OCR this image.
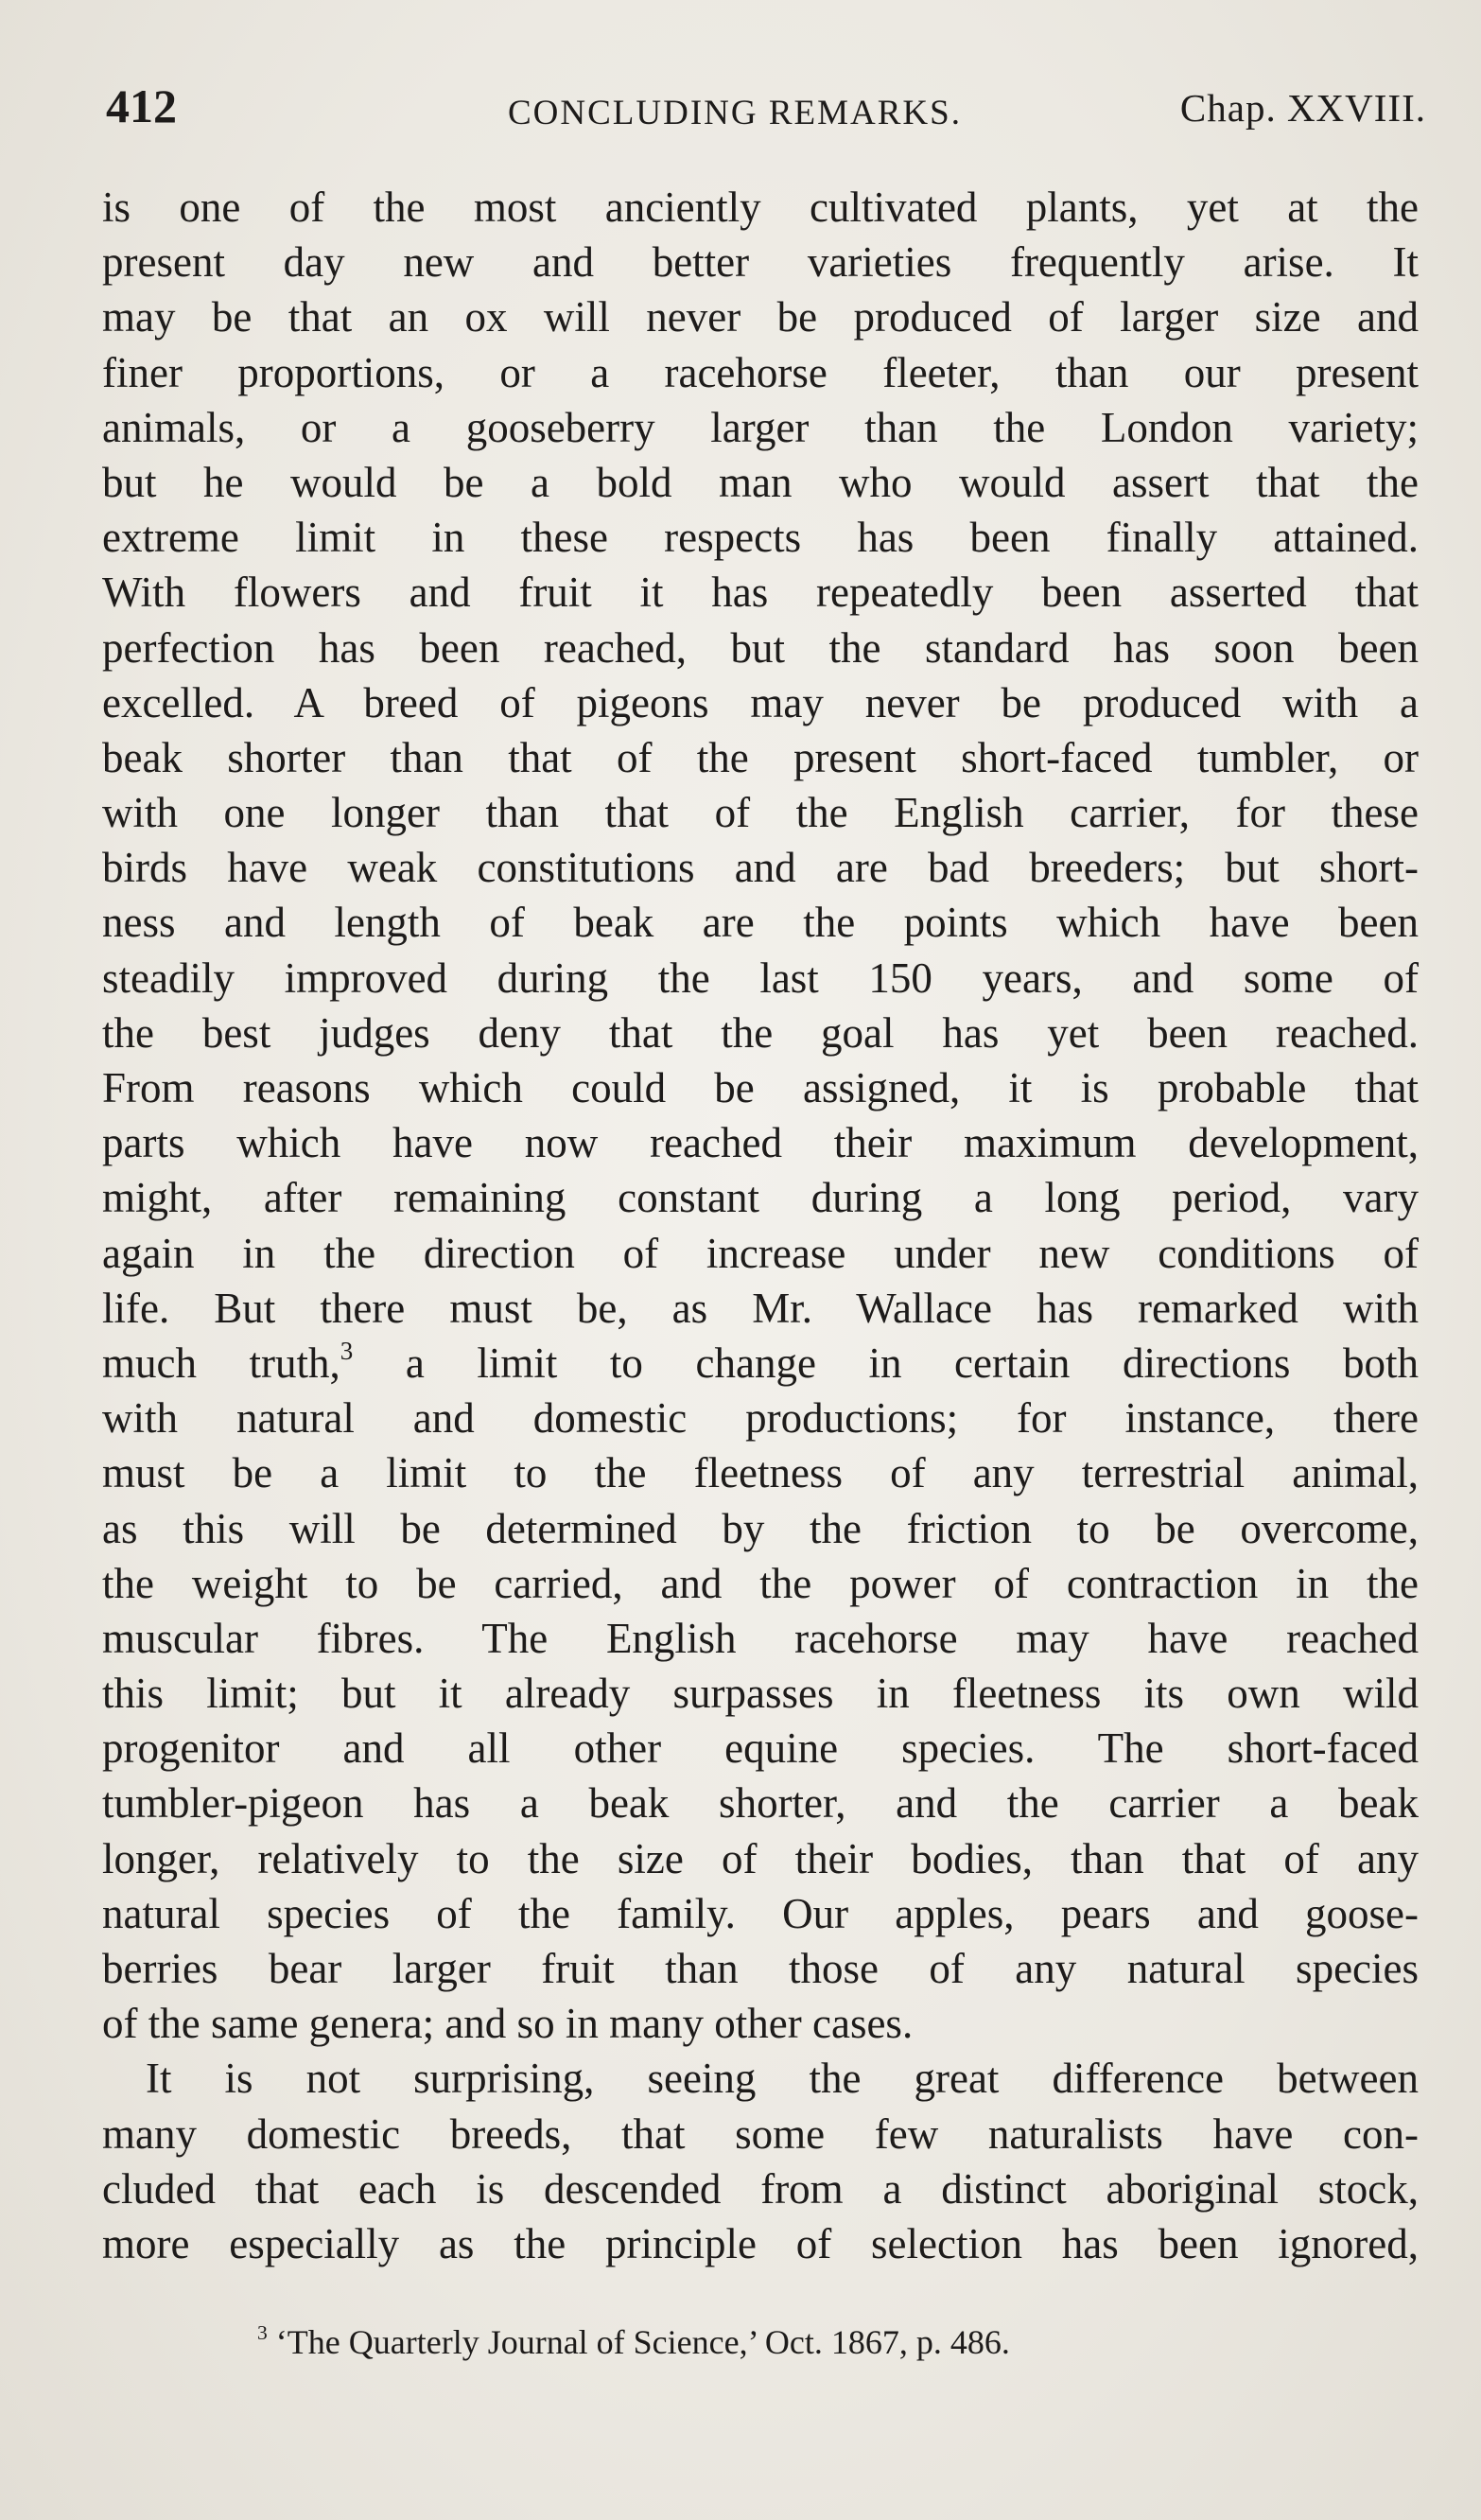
412	CONCLUDING REMARKS.	Chap. XXVIII.
is one of the most anciently cultivated plants, yet at the
present day new and better varieties frequently arise. It
may be that an ox will never be produced of larger size and
finer proportions, or a racehorse fleeter, than our present
animals, or a gooseberry larger than the London variety;
but he would be a bold man who would assert that the
extreme limit in these respects has been finally attained.
With flowers and fruit it has repeatedly been asserted that
perfection has been reached, but the standard has soon been
excelled. A breed of pigeons may never be produced with a
beak shorter than that of the present short-faced tumbler, or
with one longer than that of the English carrier, for these
birds have weak constitutions and are bad breeders; but short-
ness and length of beak are the points which have been
steadily improved during the last 150 years, and some of
the best judges deny that the goal has yet been reached.
From reasons which could be assigned, it is probable that
parts which have now reached their maximum development,
might, after remaining constant during a long period, vary
again in the direction of increase under new conditions of
life. But there must be, as Mr. Wallace has remarked with
much truth,$^3$ a limit to change in certain directions both
with natural and domestic productions; for instance, there
must be a limit to the fleetness of any terrestrial animal,
as this will be determined by the friction to be overcome,
the weight to be carried, and the power of contraction in the
muscular fibres. The English racehorse may have reached
this limit; but it already surpasses in fleetness its own wild
progenitor and all other equine species. The short-faced
tumbler-pigeon has a beak shorter, and the carrier a beak
longer, relatively to the size of their bodies, than that of any
natural species of the family. Our apples, pears and goose-
berries bear larger fruit than those of any natural species
of the same genera; and so in many other cases.
It is not surprising, seeing the great difference between
many domestic breeds, that some few naturalists have con-
cluded that each is descended from a distinct aboriginal stock,
more especially as the principle of selection has been ignored,
$^3$ ‘The Quarterly Journal of Science,’ Oct. 1867, p. 486.
